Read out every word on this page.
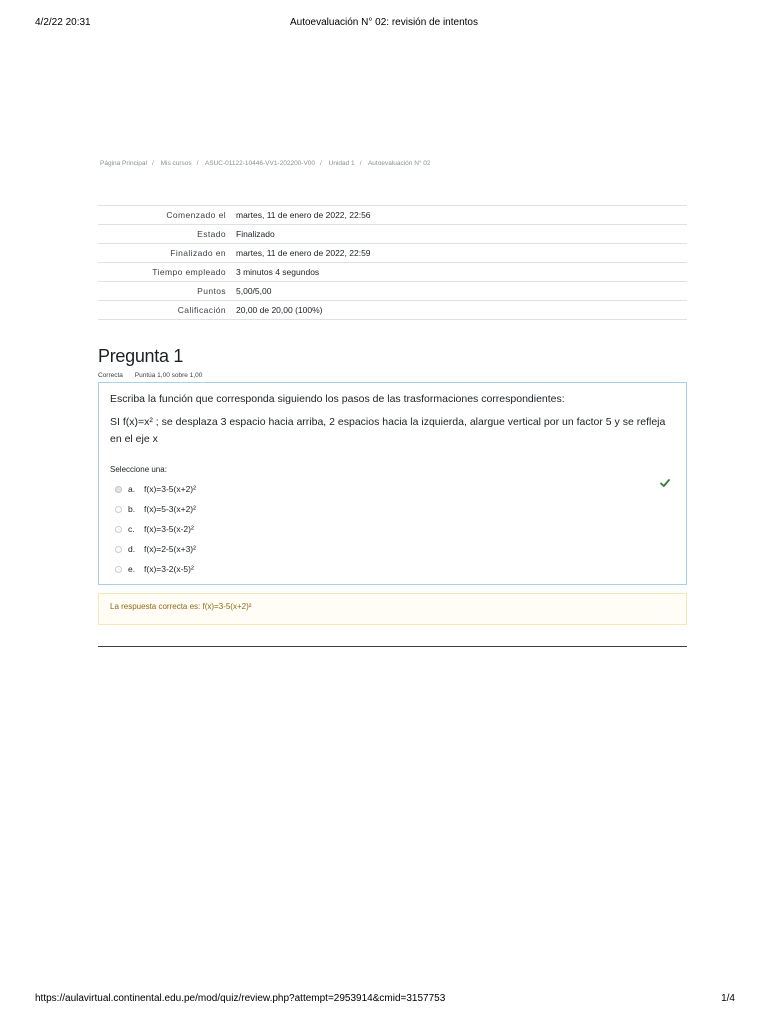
4/2/22 20:31	Autoevaluación N° 02: revisión de intentos
Página Principal / Mis cursos / ASUC-01122-10446-VV1-202200-V00 / Unidad 1 / Autoevaluación N° 02
Comenzado el	martes, 11 de enero de 2022, 22:56
Estado	Finalizado
Finalizado en	martes, 11 de enero de 2022, 22:59
Tiempo empleado	3 minutos 4 segundos
Puntos	5,00/5,00
Calificación	20,00 de 20,00 (100%)
Pregunta 1
Correcta Puntúa 1,00 sobre 1,00
Escriba la función que corresponda siguiendo los pasos de las trasformaciones correspondientes:
SI f(x)=x² ; se desplaza 3 espacio hacia arriba, 2 espacios hacia la izquierda, alargue vertical por un factor 5 y se refleja en el eje x
Seleccione una:
a.	f(x)=3-5(x+2)²
b.	f(x)=5-3(x+2)²
c.	f(x)=3-5(x-2)²
d.	f(x)=2-5(x+3)²
e.	f(x)=3-2(x-5)²
La respuesta correcta es: f(x)=3-5(x+2)²
https://aulavirtual.continental.edu.pe/mod/quiz/review.php?attempt=2953914&cmid=3157753	1/4
